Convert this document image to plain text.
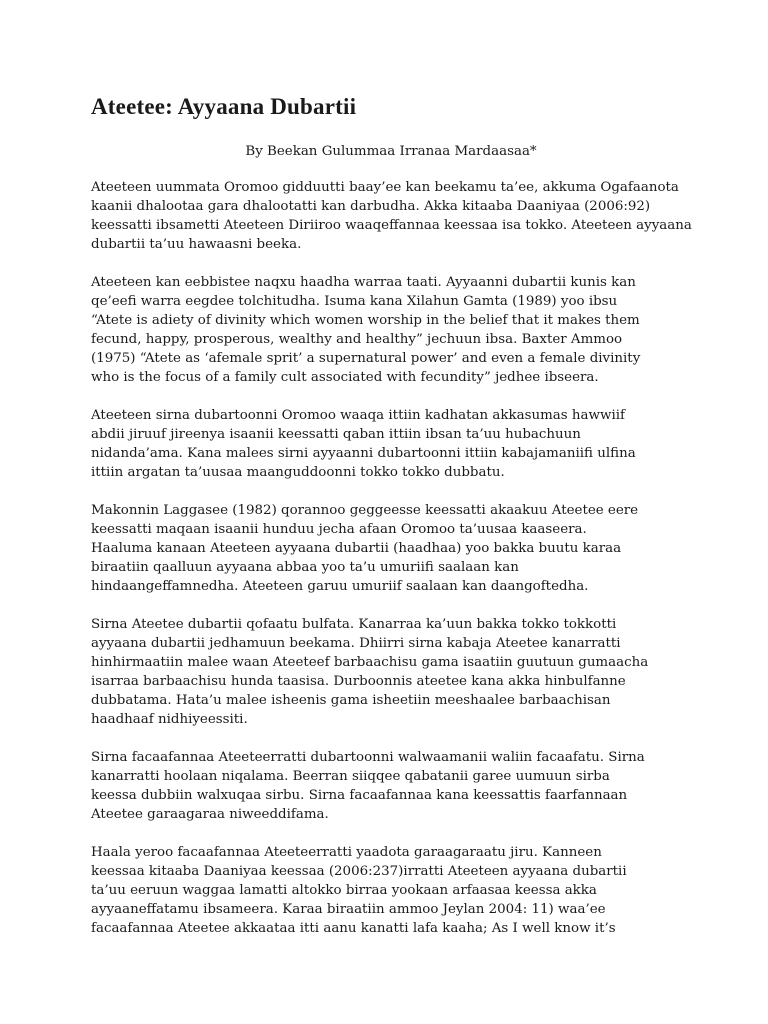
Ateetee: Ayyaana Dubartii
By Beekan Gulummaa Irranaa Mardaasaa*

Ateeteen uummata Oromoo gidduutti baay’ee kan beekamu ta’ee, akkuma Ogafaanota
kaanii dhalootaa gara dhalootatti kan darbudha. Akka kitaaba Daaniyaa (2006:92)
keessatti ibsametti Ateeteen Diriiroo waaqeffannaa keessaa isa tokko. Ateeteen ayyaana
dubartii ta’uu hawaasni beeka.

Ateeteen kan eebbistee naqxu haadha warraa taati. Ayyaanni dubartii kunis kan
qe’eefi warra eegdee tolchitudha. Isuma kana Xilahun Gamta (1989) yoo ibsu
“Atete is adiety of divinity which women worship in the belief that it makes them
fecund, happy, prosperous, wealthy and healthy” jechuun ibsa. Baxter Ammoo
(1975) “Atete as ‘afemale sprit’ a supernatural power’ and even a female divinity
who is the focus of a family cult associated with fecundity” jedhee ibseera.

Ateeteen sirna dubartoonni Oromoo waaqa ittiin kadhatan akkasumas hawwiif
abdii jiruuf jireenya isaanii keessatti qaban ittiin ibsan ta’uu hubachuun
nidanda’ama. Kana malees sirni ayyaanni dubartoonni ittiin kabajamaniifi ulfina
ittiin argatan ta’uusaa maanguddoonni tokko tokko dubbatu.

Makonnin Laggasee (1982) qorannoo geggeesse keessatti akaakuu Ateetee eere
keessatti maqaan isaanii hunduu jecha afaan Oromoo ta’uusaa kaaseera.
Haaluma kanaan Ateeteen ayyaana dubartii (haadhaa) yoo bakka buutu karaa
biraatiin qaalluun ayyaana abbaa yoo ta’u umuriifi saalaan kan
hindaangeffamnedha. Ateeteen garuu umuriif saalaan kan daangoftedha.

Sirna Ateetee dubartii qofaatu bulfata. Kanarraa ka’uun bakka tokko tokkotti
ayyaana dubartii jedhamuun beekama. Dhiirri sirna kabaja Ateetee kanarratti
hinhirmaatiin malee waan Ateeteef barbaachisu gama isaatiin guutuun gumaacha
isarraa barbaachisu hunda taasisa. Durboonnis ateetee kana akka hinbulfanne
dubbatama. Hata’u malee isheenis gama isheetiin meeshaalee barbaachisan
haadhaaf nidhiyeessiti.

Sirna facaafannaa Ateeteerratti dubartoonni walwaamanii waliin facaafatu. Sirna
kanarratti hoolaan niqalama. Beerran siiqqee qabatanii garee uumuun sirba
keessa dubbiin walxuqaa sirbu. Sirna facaafannaa kana keessattis faarfannaan
Ateetee garaagaraa niweeddifama.

Haala yeroo facaafannaa Ateeteerratti yaadota garaagaraatu jiru. Kanneen
keessaa kitaaba Daaniyaa keessaa (2006:237)irratti Ateeteen ayyaana dubartii
ta’uu eeruun waggaa lamatti altokko birraa yookaan arfaasaa keessa akka
ayyaaneffatamu ibsameera. Karaa biraatiin ammoo Jeylan 2004: 11) waa’ee
facaafannaa Ateetee akkaataa itti aanu kanatti lafa kaaha; As I well know it’s
